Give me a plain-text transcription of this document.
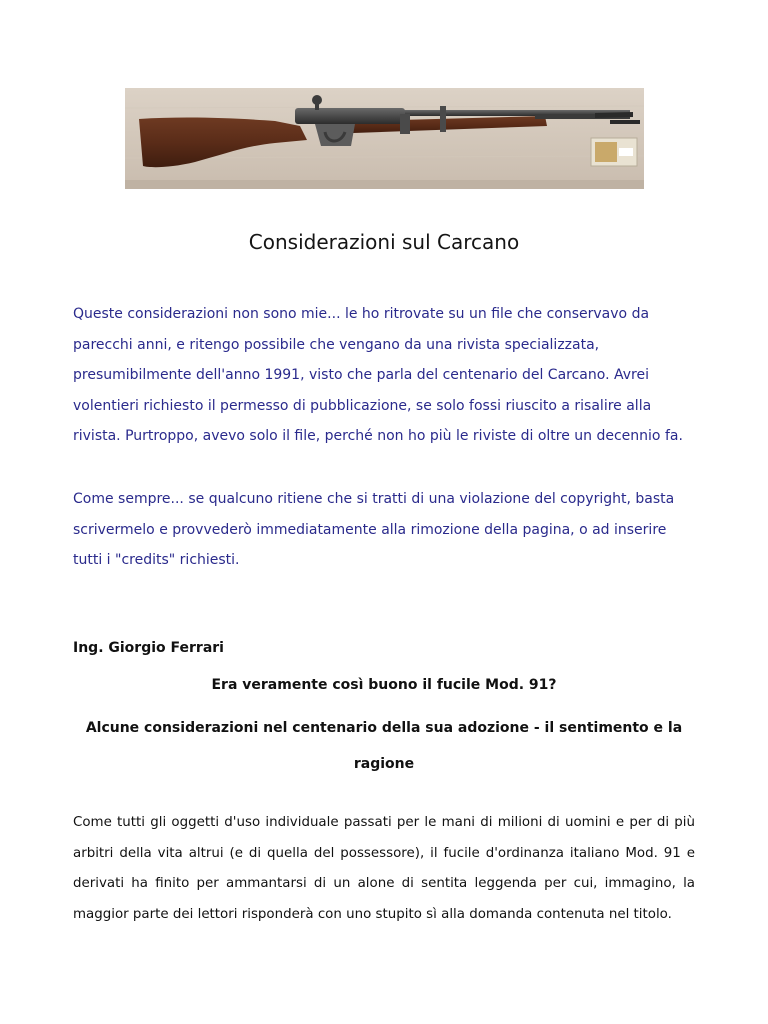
Considerazioni sul Carcano

Queste considerazioni non sono mie... le ho ritrovate su un file che conservavo da parecchi anni, e ritengo possibile che vengano da una rivista specializzata, presumibilmente dell'anno 1991, visto che parla del centenario del Carcano. Avrei volentieri richiesto il permesso di pubblicazione, se solo fossi riuscito a risalire alla rivista. Purtroppo, avevo solo il file, perché non ho più le riviste di oltre un decennio fa.

Come sempre... se qualcuno ritiene che si tratti di una violazione del copyright, basta scrivermelo e provvederò immediatamente alla rimozione della pagina, o ad inserire tutti i "credits" richiesti.

Ing. Giorgio Ferrari
Era veramente così buono il fucile Mod. 91?
Alcune considerazioni nel centenario della sua adozione - il sentimento e la ragione

Come tutti gli oggetti d'uso individuale passati per le mani di milioni di uomini e per di più arbitri della vita altrui (e di quella del possessore), il fucile d'ordinanza italiano Mod. 91 e derivati ha finito per ammantarsi di un alone di sentita leggenda per cui, immagino, la maggior parte dei lettori risponderà con uno stupito sì alla domanda contenuta nel titolo.
